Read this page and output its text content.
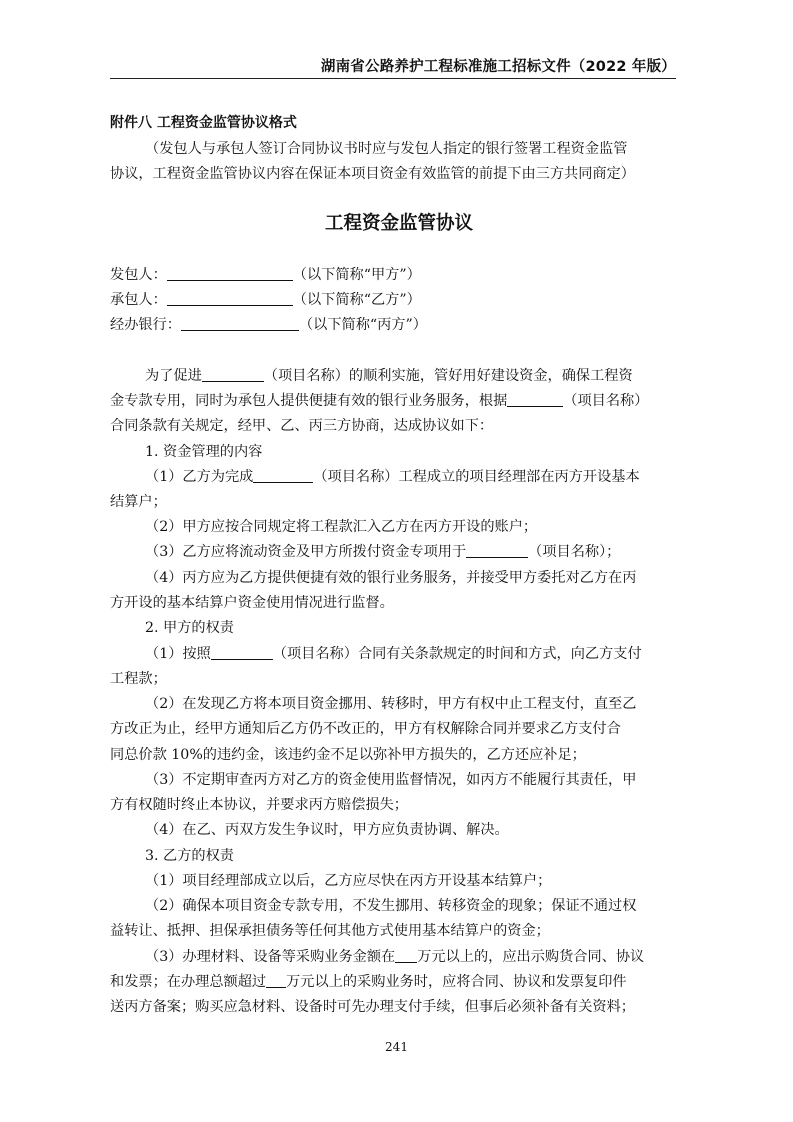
湖南省公路养护工程标准施工招标文件（2022 年版）
附件八 工程资金监管协议格式
（发包人与承包人签订合同协议书时应与发包人指定的银行签署工程资金监管
协议，工程资金监管协议内容在保证本项目资金有效监管的前提下由三方共同商定）
工程资金监管协议
发包人：	（以下简称“甲方”）
承包人：	（以下简称“乙方”）
经办银行：	（以下简称“丙方”）
为了促进	（项目名称）的顺利实施，管好用好建设资金，确保工程资
金专款专用，同时为承包人提供便捷有效的银行业务服务，根据	（项目名称）
合同条款有关规定，经甲、乙、丙三方协商，达成协议如下：
1. 资金管理的内容
（1）乙方为完成	（项目名称）工程成立的项目经理部在丙方开设基本
结算户；
（2）甲方应按合同规定将工程款汇入乙方在丙方开设的账户；
（3）乙方应将流动资金及甲方所拨付资金专项用于	（项目名称）；
（4）丙方应为乙方提供便捷有效的银行业务服务，并接受甲方委托对乙方在丙
方开设的基本结算户资金使用情况进行监督。
2. 甲方的权责
（1）按照	（项目名称）合同有关条款规定的时间和方式，向乙方支付
工程款；
（2）在发现乙方将本项目资金挪用、转移时，甲方有权中止工程支付，直至乙
方改正为止，经甲方通知后乙方仍不改正的，甲方有权解除合同并要求乙方支付合
同总价款 10%的违约金，该违约金不足以弥补甲方损失的，乙方还应补足；
（3）不定期审查丙方对乙方的资金使用监督情况，如丙方不能履行其责任，甲
方有权随时终止本协议，并要求丙方赔偿损失；
（4）在乙、丙双方发生争议时，甲方应负责协调、解决。
3. 乙方的权责
（1）项目经理部成立以后，乙方应尽快在丙方开设基本结算户；
（2）确保本项目资金专款专用，不发生挪用、转移资金的现象；保证不通过权
益转让、抵押、担保承担债务等任何其他方式使用基本结算户的资金；
（3）办理材料、设备等采购业务金额在 万元以上的，应出示购货合同、协议
和发票；在办理总额超过 万元以上的采购业务时，应将合同、协议和发票复印件
送丙方备案；购买应急材料、设备时可先办理支付手续，但事后必须补备有关资料；
241
